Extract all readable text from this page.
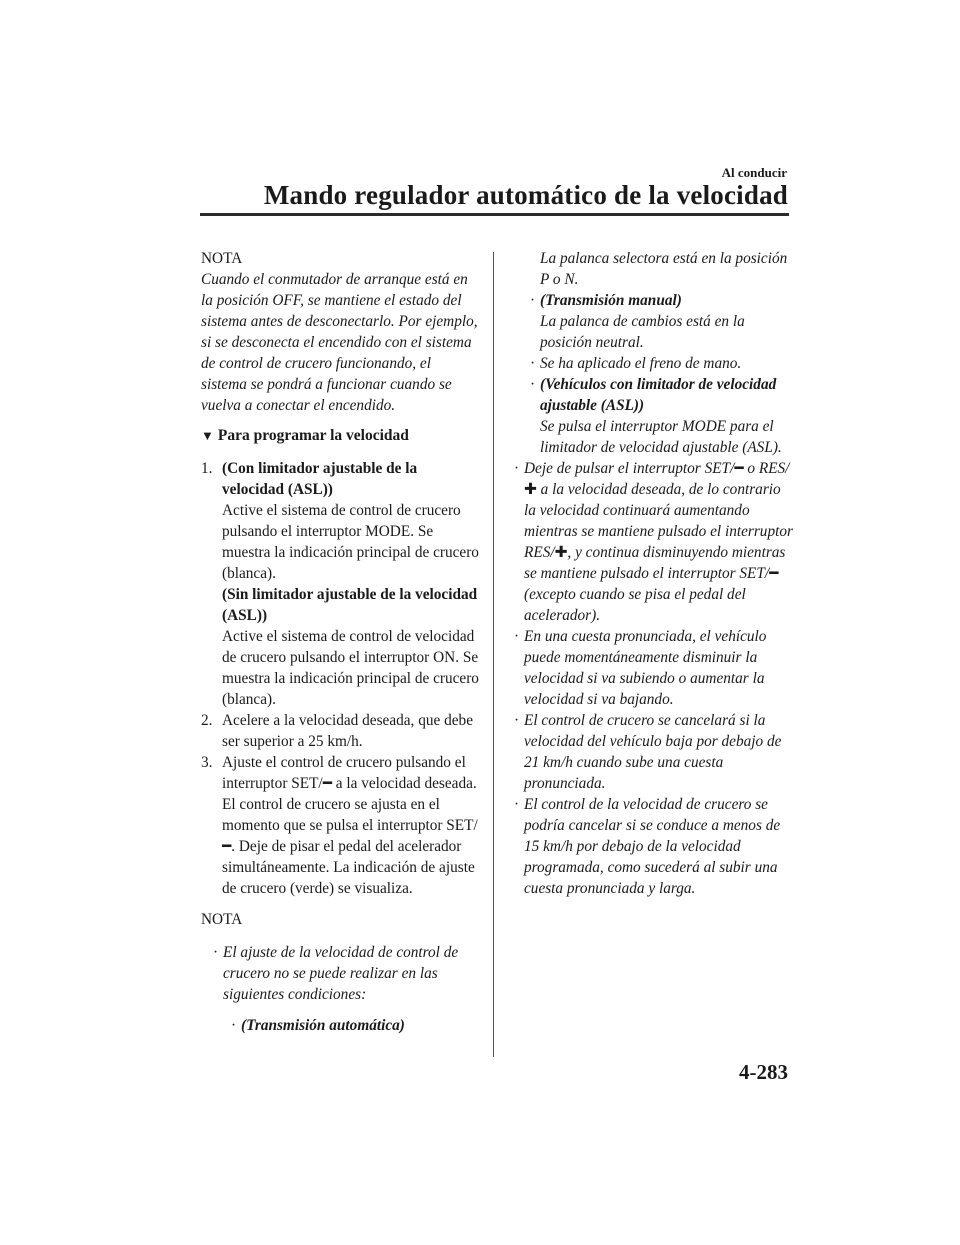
Al conducir
Mando regulador automático de la velocidad
NOTA
Cuando el conmutador de arranque está en la posición OFF, se mantiene el estado del sistema antes de desconectarlo. Por ejemplo, si se desconecta el encendido con el sistema de control de crucero funcionando, el sistema se pondrá a funcionar cuando se vuelva a conectar el encendido.
▼ Para programar la velocidad
1. (Con limitador ajustable de la velocidad (ASL))
Active el sistema de control de crucero pulsando el interruptor MODE. Se muestra la indicación principal de crucero (blanca).
(Sin limitador ajustable de la velocidad (ASL))
Active el sistema de control de velocidad de crucero pulsando el interruptor ON. Se muestra la indicación principal de crucero (blanca).
2. Acelere a la velocidad deseada, que debe ser superior a 25 km/h.
3. Ajuste el control de crucero pulsando el interruptor SET/━ a la velocidad deseada. El control de crucero se ajusta en el momento que se pulsa el interruptor SET/━. Deje de pisar el pedal del acelerador simultáneamente. La indicación de ajuste de crucero (verde) se visualiza.
NOTA
· El ajuste de la velocidad de control de crucero no se puede realizar en las siguientes condiciones:
· (Transmisión automática)
La palanca selectora está en la posición P o N.
· (Transmisión manual)
La palanca de cambios está en la posición neutral.
· Se ha aplicado el freno de mano.
· (Vehículos con limitador de velocidad ajustable (ASL))
Se pulsa el interruptor MODE para el limitador de velocidad ajustable (ASL).
· Deje de pulsar el interruptor SET/━ o RES/✚ a la velocidad deseada, de lo contrario la velocidad continuará aumentando mientras se mantiene pulsado el interruptor RES/✚, y continua disminuyendo mientras se mantiene pulsado el interruptor SET/━ (excepto cuando se pisa el pedal del acelerador).
· En una cuesta pronunciada, el vehículo puede momentáneamente disminuir la velocidad si va subiendo o aumentar la velocidad si va bajando.
· El control de crucero se cancelará si la velocidad del vehículo baja por debajo de 21 km/h cuando sube una cuesta pronunciada.
· El control de la velocidad de crucero se podría cancelar si se conduce a menos de 15 km/h por debajo de la velocidad programada, como sucederá al subir una cuesta pronunciada y larga.
4-283
